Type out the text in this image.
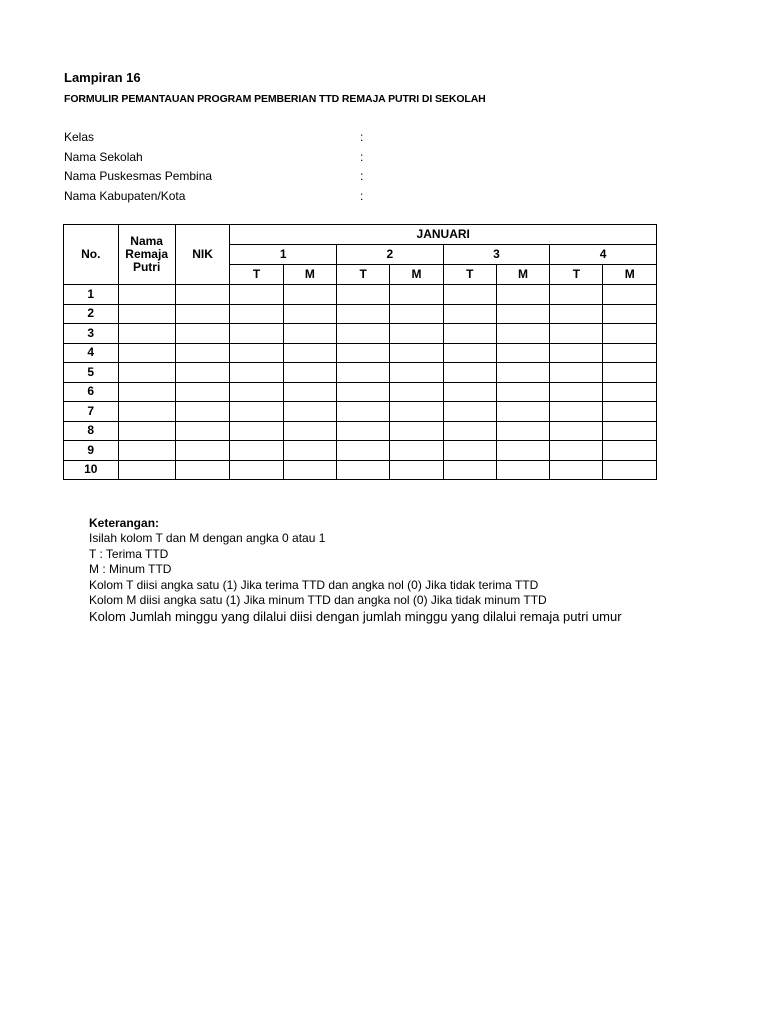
Lampiran 16
FORMULIR PEMANTAUAN PROGRAM PEMBERIAN TTD REMAJA PUTRI DI SEKOLAH
Kelas	:
Nama Sekolah	:
Nama Puskesmas Pembina	:
Nama Kabupaten/Kota	:
No.	Nama Remaja Putri	NIK	JANUARI							
			1		2		3		4	
			T	M	T	M	T	M	T	M
1										
2										
3										
4										
5										
6										
7										
8										
9										
10										
Keterangan:
Isilah kolom T dan M dengan angka 0 atau 1
T : Terima TTD
M : Minum TTD
Kolom T diisi angka satu (1) Jika terima TTD dan angka nol (0) Jika tidak terima TTD
Kolom M diisi angka satu (1) Jika minum TTD dan angka nol (0) Jika tidak minum TTD
Kolom Jumlah minggu yang dilalui diisi dengan jumlah minggu yang dilalui remaja putri umur
